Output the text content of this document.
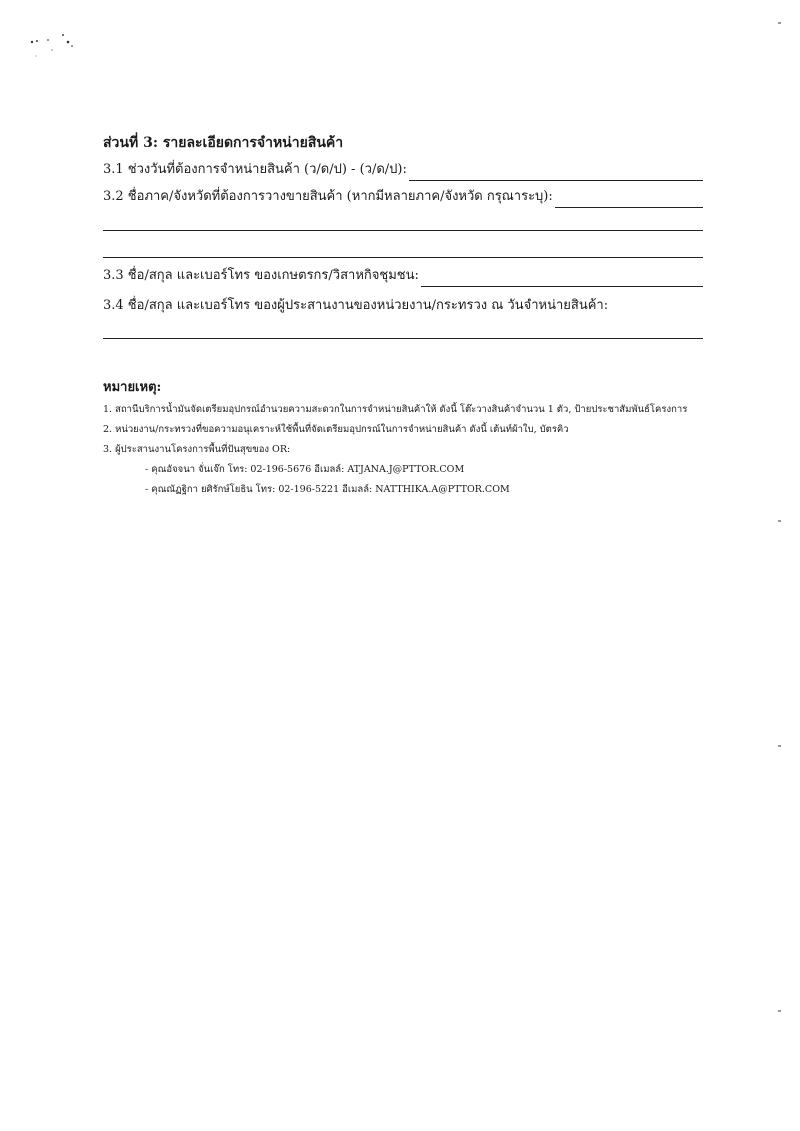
ส่วนที่ 3: รายละเอียดการจำหน่ายสินค้า
3.1 ช่วงวันที่ต้องการจำหน่ายสินค้า (ว/ด/ป) - (ว/ด/ป):
3.2 ชื่อภาค/จังหวัดที่ต้องการวางขายสินค้า (หากมีหลายภาค/จังหวัด กรุณาระบุ):
3.3 ชื่อ/สกุล และเบอร์โทร ของเกษตรกร/วิสาหกิจชุมชน:
3.4 ชื่อ/สกุล และเบอร์โทร ของผู้ประสานงานของหน่วยงาน/กระทรวง ณ วันจำหน่ายสินค้า:
หมายเหตุ:
1. สถานีบริการน้ำมันจัดเตรียมอุปกรณ์อำนวยความสะดวกในการจำหน่ายสินค้าให้ ดังนี้ โต๊ะวางสินค้าจำนวน 1 ตัว, ป้ายประชาสัมพันธ์โครงการ
2. หน่วยงาน/กระทรวงที่ขอความอนุเคราะห์ใช้พื้นที่จัดเตรียมอุปกรณ์ในการจำหน่ายสินค้า ดังนี้ เต้นท์ผ้าใบ, บัตรคิว
3. ผู้ประสานงานโครงการพื้นที่ปันสุขของ OR:
- คุณอัจจนา จั่นเจ๊ก โทร: 02-196-5676 อีเมลล์: ATJANA.J@PTTOR.COM
- คุณณัฏฐิกา ยศิรักษ์โยธิน โทร: 02-196-5221 อีเมลล์: NATTHIKA.A@PTTOR.COM
